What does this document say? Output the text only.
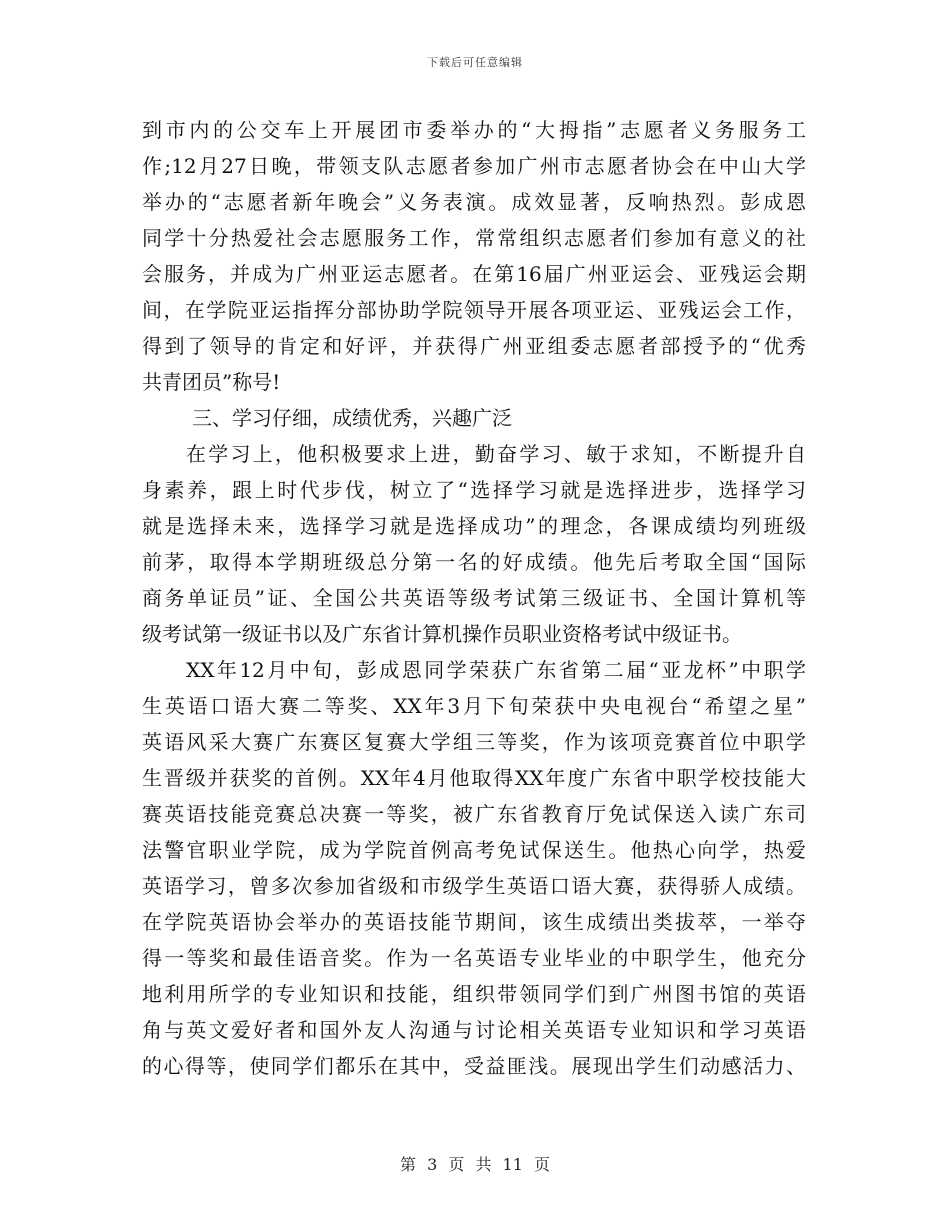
下载后可任意编辑
到市内的公交车上开展团市委举办的“大拇指”志愿者义务服务工
作;12月27日晚，带领支队志愿者参加广州市志愿者协会在中山大学
举办的“志愿者新年晚会”义务表演。成效显著，反响热烈。彭成恩
同学十分热爱社会志愿服务工作，常常组织志愿者们参加有意义的社
会服务，并成为广州亚运志愿者。在第16届广州亚运会、亚残运会期
间，在学院亚运指挥分部协助学院领导开展各项亚运、亚残运会工作，
得到了领导的肯定和好评，并获得广州亚组委志愿者部授予的“优秀
共青团员”称号!
三、学习仔细，成绩优秀，兴趣广泛
在学习上，他积极要求上进，勤奋学习、敏于求知，不断提升自
身素养，跟上时代步伐，树立了“选择学习就是选择进步，选择学习
就是选择未来，选择学习就是选择成功”的理念，各课成绩均列班级
前茅，取得本学期班级总分第一名的好成绩。他先后考取全国“国际
商务单证员”证、全国公共英语等级考试第三级证书、全国计算机等
级考试第一级证书以及广东省计算机操作员职业资格考试中级证书。
XX年12月中旬，彭成恩同学荣获广东省第二届“亚龙杯”中职学
生英语口语大赛二等奖、XX年3月下旬荣获中央电视台“希望之星”
英语风采大赛广东赛区复赛大学组三等奖，作为该项竞赛首位中职学
生晋级并获奖的首例。XX年4月他取得XX年度广东省中职学校技能大
赛英语技能竞赛总决赛一等奖，被广东省教育厅免试保送入读广东司
法警官职业学院，成为学院首例高考免试保送生。他热心向学，热爱
英语学习，曾多次参加省级和市级学生英语口语大赛，获得骄人成绩。
在学院英语协会举办的英语技能节期间，该生成绩出类拔萃，一举夺
得一等奖和最佳语音奖。作为一名英语专业毕业的中职学生，他充分
地利用所学的专业知识和技能，组织带领同学们到广州图书馆的英语
角与英文爱好者和国外友人沟通与讨论相关英语专业知识和学习英语
的心得等，使同学们都乐在其中，受益匪浅。展现出学生们动感活力、
第 3 页 共 11 页
